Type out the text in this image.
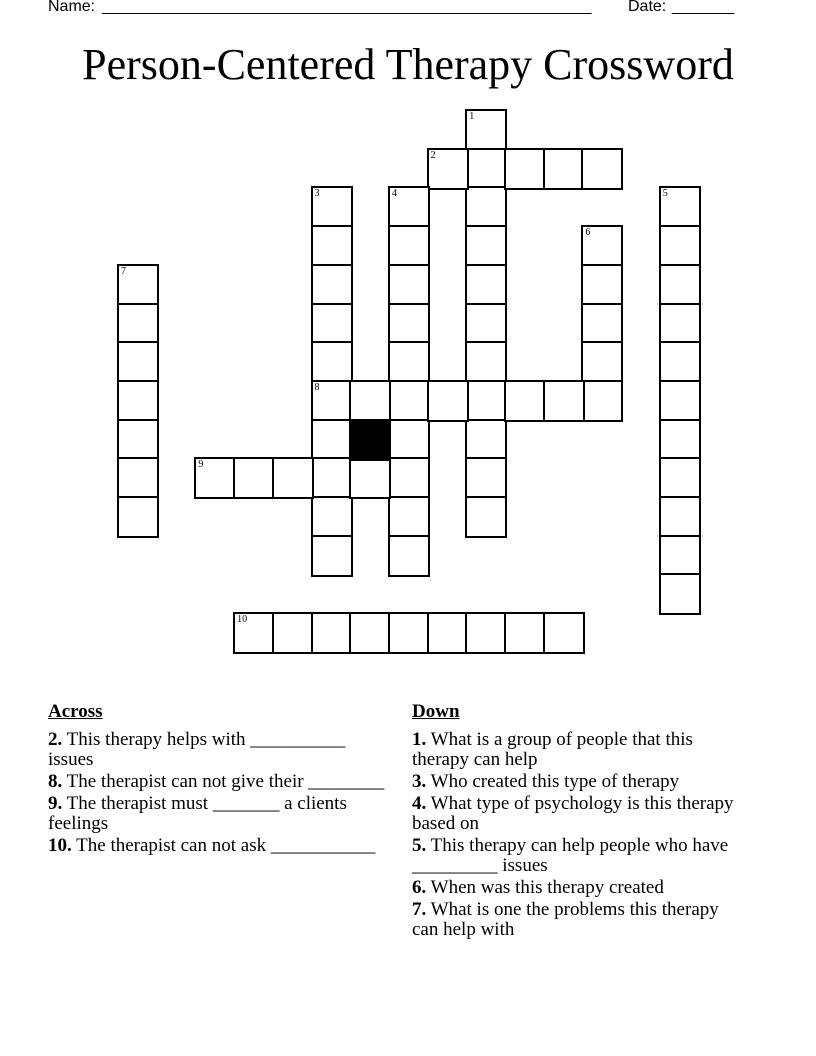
Name: _______________________________________________________ Date: _______
Person-Centered Therapy Crossword
1
2
3
8
4	5
6
7
9
10
Across
2. This therapy helps with __________ issues
8. The therapist can not give their ________
9. The therapist must _______ a clients feelings
10. The therapist can not ask ___________
Down
1. What is a group of people that this therapy can help
3. Who created this type of therapy
4. What type of psychology is this therapy based on
5. This therapy can help people who have _________ issues
6. When was this therapy created
7. What is one the problems this therapy can help with
